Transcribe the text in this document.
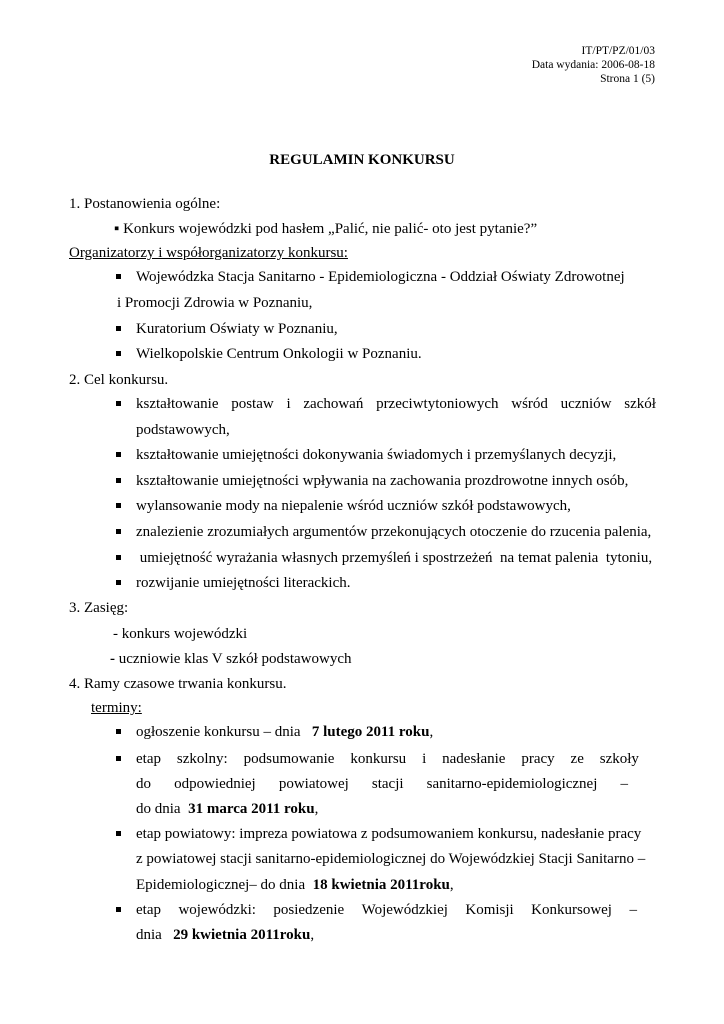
IT/PT/PZ/01/03
Data wydania: 2006-08-18
Strona 1 (5)
REGULAMIN KONKURSU
1. Postanowienia ogólne:
▪ Konkurs wojewódzki pod hasłem „Palić, nie palić- oto jest pytanie?”
Organizatorzy i współorganizatorzy konkursu:
Wojewódzka Stacja Sanitarno - Epidemiologiczna - Oddział Oświaty Zdrowotnej
i Promocji Zdrowia w Poznaniu,
Kuratorium Oświaty w Poznaniu,
Wielkopolskie Centrum Onkologii w Poznaniu.
2. Cel konkursu.
kształtowanie postaw i zachowań przeciwtytoniowych wśród uczniów szkół
podstawowych,
kształtowanie umiejętności dokonywania świadomych i przemyślanych decyzji,
kształtowanie umiejętności wpływania na zachowania prozdrowotne innych osób,
wylansowanie mody na niepalenie wśród uczniów szkół podstawowych,
znalezienie zrozumiałych argumentów przekonujących otoczenie do rzucenia palenia,
umiejętność wyrażania własnych przemyśleń i spostrzeżeń  na temat palenia  tytoniu,
rozwijanie umiejętności literackich.
3. Zasięg:
- konkurs wojewódzki
- uczniowie klas V szkół podstawowych
4. Ramy czasowe trwania konkursu.
terminy:
ogłoszenie konkursu – dnia   7 lutego 2011 roku,
etap szkolny: podsumowanie konkursu i nadesłanie pracy ze szkoły
do odpowiedniej powiatowej stacji sanitarno-epidemiologicznej –
do dnia  31 marca 2011 roku,
etap powiatowy: impreza powiatowa z podsumowaniem konkursu, nadesłanie pracy
z powiatowej stacji sanitarno-epidemiologicznej do Wojewódzkiej Stacji Sanitarno –
Epidemiologicznej– do dnia  18 kwietnia 2011roku,
etap wojewódzki: posiedzenie Wojewódzkiej Komisji Konkursowej –
dnia   29 kwietnia 2011roku,
